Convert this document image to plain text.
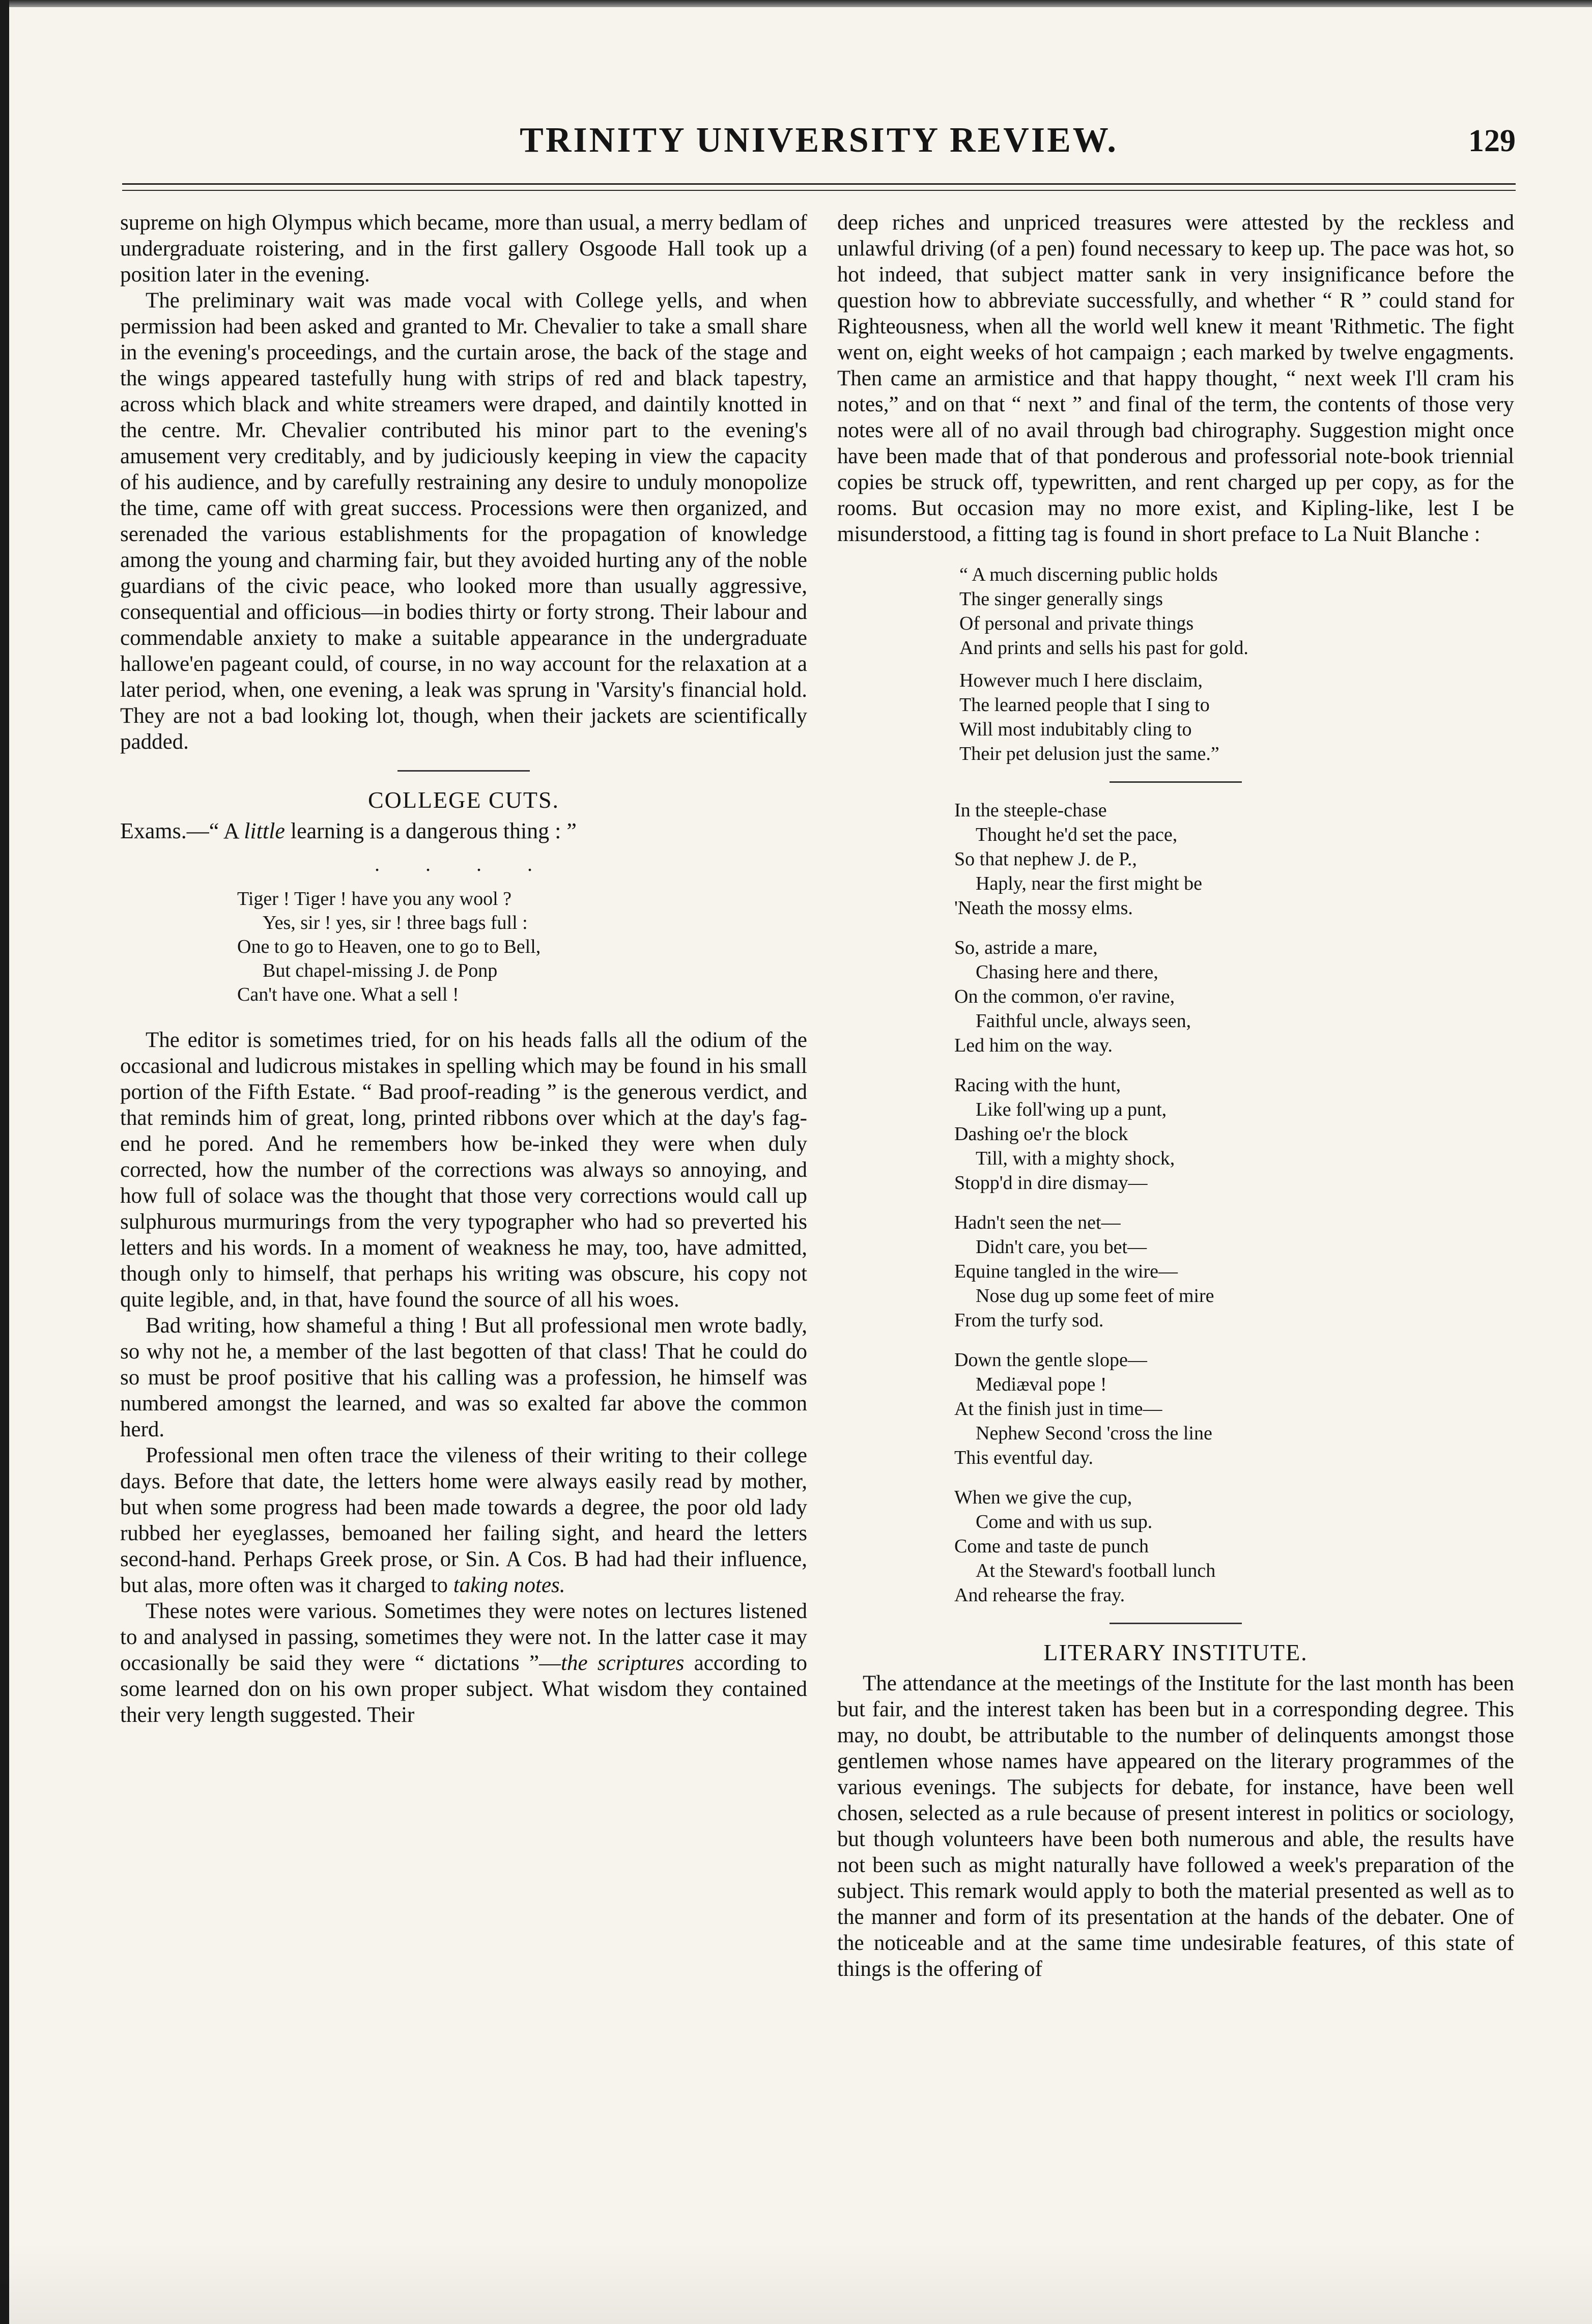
TRINITY UNIVERSITY REVIEW.	129

supreme on high Olympus which became, more than usual, a merry bedlam of undergraduate roistering, and in the first gallery Osgoode Hall took up a position later in the evening.

The preliminary wait was made vocal with College yells, and when permission had been asked and granted to Mr. Chevalier to take a small share in the evening's proceedings, and the curtain arose, the back of the stage and the wings appeared tastefully hung with strips of red and black tapestry, across which black and white streamers were draped, and daintily knotted in the centre. Mr. Chevalier contributed his minor part to the evening's amusement very creditably, and by judiciously keeping in view the capacity of his audience, and by carefully restraining any desire to unduly monopolize the time, came off with great success. Processions were then organized, and serenaded the various establishments for the propagation of knowledge among the young and charming fair, but they avoided hurting any of the noble guardians of the civic peace, who looked more than usually aggressive, consequential and officious—in bodies thirty or forty strong. Their labour and commendable anxiety to make a suitable appearance in the undergraduate hallowe'en pageant could, of course, in no way account for the relaxation at a later period, when, one evening, a leak was sprung in 'Varsity's financial hold. They are not a bad looking lot, though, when their jackets are scientifically padded.

COLLEGE CUTS.
Exams.—“ A little learning is a dangerous thing : ”
. . . .
Tiger ! Tiger ! have you any wool ?
Yes, sir ! yes, sir ! three bags full :
One to go to Heaven, one to go to Bell,
But chapel-missing J. de Ponp
Can't have one. What a sell !

The editor is sometimes tried, for on his heads falls all the odium of the occasional and ludicrous mistakes in spelling which may be found in his small portion of the Fifth Estate. “ Bad proof-reading ” is the generous verdict, and that reminds him of great, long, printed ribbons over which at the day's fag-end he pored. And he remembers how be-inked they were when duly corrected, how the number of the corrections was always so annoying, and how full of solace was the thought that those very corrections would call up sulphurous murmurings from the very typographer who had so preverted his letters and his words. In a moment of weakness he may, too, have admitted, though only to himself, that perhaps his writing was obscure, his copy not quite legible, and, in that, have found the source of all his woes.

Bad writing, how shameful a thing ! But all professional men wrote badly, so why not he, a member of the last begotten of that class! That he could do so must be proof positive that his calling was a profession, he himself was numbered amongst the learned, and was so exalted far above the common herd.

Professional men often trace the vileness of their writing to their college days. Before that date, the letters home were always easily read by mother, but when some progress had been made towards a degree, the poor old lady rubbed her eyeglasses, bemoaned her failing sight, and heard the letters second-hand. Perhaps Greek prose, or Sin. A Cos. B had had their influence, but alas, more often was it charged to taking notes.

These notes were various. Sometimes they were notes on lectures listened to and analysed in passing, sometimes they were not. In the latter case it may occasionally be said they were “ dictations ”—the scriptures according to some learned don on his own proper subject. What wisdom they contained their very length suggested. Their

deep riches and unpriced treasures were attested by the reckless and unlawful driving (of a pen) found necessary to keep up. The pace was hot, so hot indeed, that subject matter sank in very insignificance before the question how to abbreviate successfully, and whether “ R ” could stand for Righteousness, when all the world well knew it meant 'Rithmetic. The fight went on, eight weeks of hot campaign ; each marked by twelve engagments. Then came an armistice and that happy thought, “ next week I'll cram his notes,” and on that “ next ” and final of the term, the contents of those very notes were all of no avail through bad chirography. Suggestion might once have been made that of that ponderous and professorial note-book triennial copies be struck off, typewritten, and rent charged up per copy, as for the rooms. But occasion may no more exist, and Kipling-like, lest I be misunderstood, a fitting tag is found in short preface to La Nuit Blanche :

“ A much discerning public holds
The singer generally sings
Of personal and private things
And prints and sells his past for gold.
However much I here disclaim,
The learned people that I sing to
Will most indubitably cling to
Their pet delusion just the same.”
In the steeple-chase
Thought he'd set the pace,
So that nephew J. de P.,
Haply, near the first might be
'Neath the mossy elms.
So, astride a mare,
Chasing here and there,
On the common, o'er ravine,
Faithful uncle, always seen,
Led him on the way.
Racing with the hunt,
Like foll'wing up a punt,
Dashing oe'r the block
Till, with a mighty shock,
Stopp'd in dire dismay—
Hadn't seen the net—
Didn't care, you bet—
Equine tangled in the wire—
Nose dug up some feet of mire
From the turfy sod.
Down the gentle slope—
Mediæval pope !
At the finish just in time—
Nephew Second 'cross the line
This eventful day.
When we give the cup,
Come and with us sup.
Come and taste de punch
At the Steward's football lunch
And rehearse the fray.
LITERARY INSTITUTE.

The attendance at the meetings of the Institute for the last month has been but fair, and the interest taken has been but in a corresponding degree. This may, no doubt, be attributable to the number of delinquents amongst those gentlemen whose names have appeared on the literary programmes of the various evenings. The subjects for debate, for instance, have been well chosen, selected as a rule because of present interest in politics or sociology, but though volunteers have been both numerous and able, the results have not been such as might naturally have followed a week's preparation of the subject. This remark would apply to both the material presented as well as to the manner and form of its presentation at the hands of the debater. One of the noticeable and at the same time undesirable features, of this state of things is the offering of
